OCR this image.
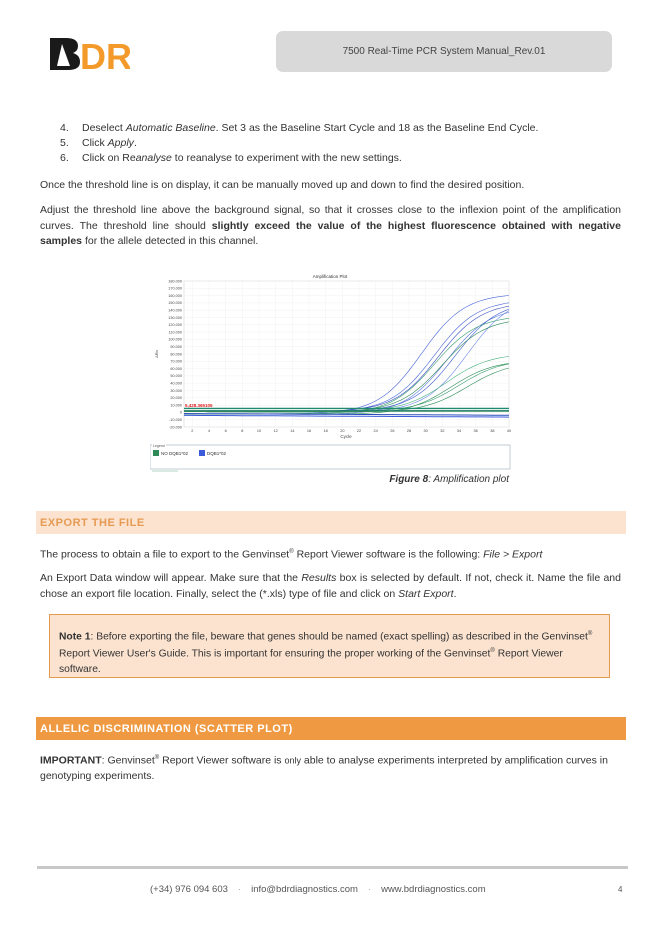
DR	7500 Real-Time PCR System Manual_Rev.01
4.	Deselect Automatic Baseline. Set 3 as the Baseline Start Cycle and 18 as the Baseline End Cycle.
5.	Click Apply.
6.	Click on Reanalyse to reanalyse to experiment with the new settings.

Once the threshold line is on display, it can be manually moved up and down to find the desired position.

Adjust the threshold line above the background signal, so that it crosses close to the inflexion point of the amplification curves. The threshold line should slightly exceed the value of the highest fluorescence obtained with negative samples for the allele detected in this channel.

Amplification Plot
180.000
170.000
160.000
150.000
140.000
130.000
120.000
110.000
100.000
90.000
80.000
70.000
60.000
50.000
40.000
30.000
20.000
10.000
0
-10.000
-20.000
2	4	6	8	10	12	14	16	18	20	22	24	26	28	30	32	34	36	38	40
ΔRn
Cycle
5,428.365105
Legend
NO DQB1*02	DQB1*02
Figure 8: Amplification plot
EXPORT THE FILE

The process to obtain a file to export to the Genvinset® Report Viewer software is the following: File > Export

An Export Data window will appear. Make sure that the Results box is selected by default. If not, check it. Name the file and chose an export file location. Finally, select the (*.xls) type of file and click on Start Export.

Note 1: Before exporting the file, beware that genes should be named (exact spelling) as described in the Genvinset® Report Viewer User's Guide. This is important for ensuring the proper working of the Genvinset® Report Viewer software.
ALLELIC DISCRIMINATION (SCATTER PLOT)

IMPORTANT: Genvinset® Report Viewer software is only able to analyse experiments interpreted by amplification curves in genotyping experiments.

(+34) 976 094 603 · info@bdrdiagnostics.com · www.bdrdiagnostics.com	4
